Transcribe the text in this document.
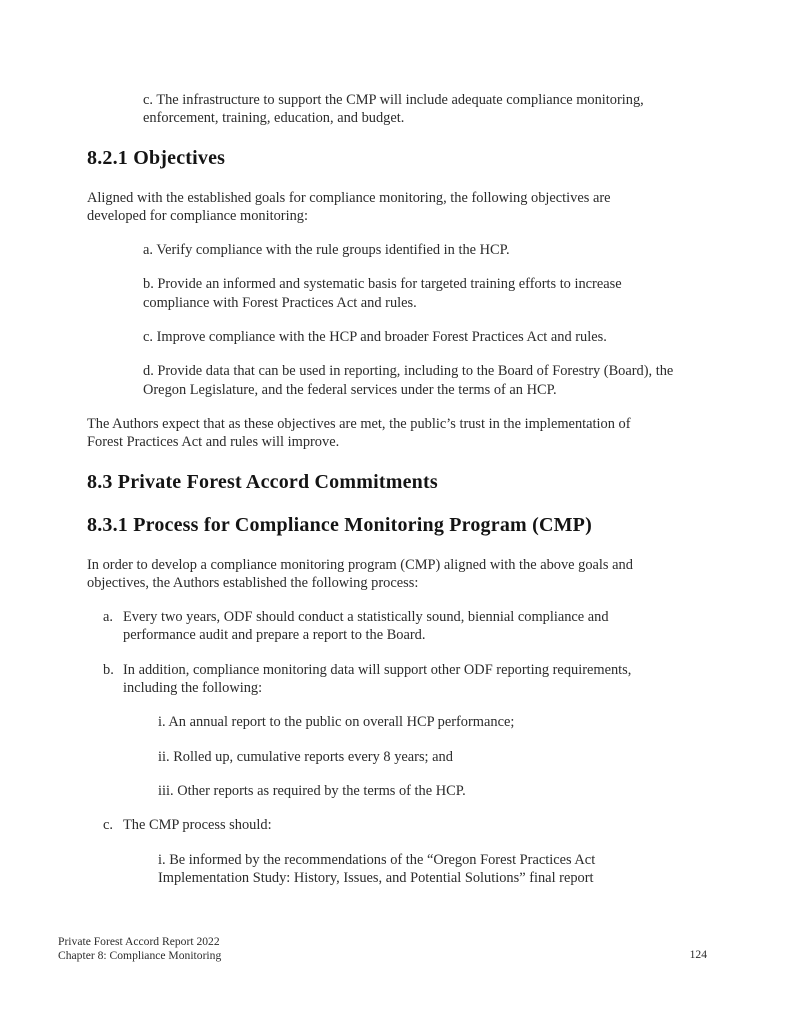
c. The infrastructure to support the CMP will include adequate compliance monitoring,
enforcement, training, education, and budget.
8.2.1 Objectives
Aligned with the established goals for compliance monitoring, the following objectives are
developed for compliance monitoring:
a. Verify compliance with the rule groups identified in the HCP.
b. Provide an informed and systematic basis for targeted training efforts to increase
compliance with Forest Practices Act and rules.
c. Improve compliance with the HCP and broader Forest Practices Act and rules.
d. Provide data that can be used in reporting, including to the Board of Forestry (Board), the
Oregon Legislature, and the federal services under the terms of an HCP.
The Authors expect that as these objectives are met, the public’s trust in the implementation of
Forest Practices Act and rules will improve.
8.3 Private Forest Accord Commitments
8.3.1 Process for Compliance Monitoring Program (CMP)
In order to develop a compliance monitoring program (CMP) aligned with the above goals and
objectives, the Authors established the following process:
a. Every two years, ODF should conduct a statistically sound, biennial compliance and
performance audit and prepare a report to the Board.
b. In addition, compliance monitoring data will support other ODF reporting requirements,
including the following:
i. An annual report to the public on overall HCP performance;
ii. Rolled up, cumulative reports every 8 years; and
iii. Other reports as required by the terms of the HCP.
c. The CMP process should:
i. Be informed by the recommendations of the “Oregon Forest Practices Act
Implementation Study: History, Issues, and Potential Solutions” final report
Private Forest Accord Report 2022
Chapter 8: Compliance Monitoring	124
